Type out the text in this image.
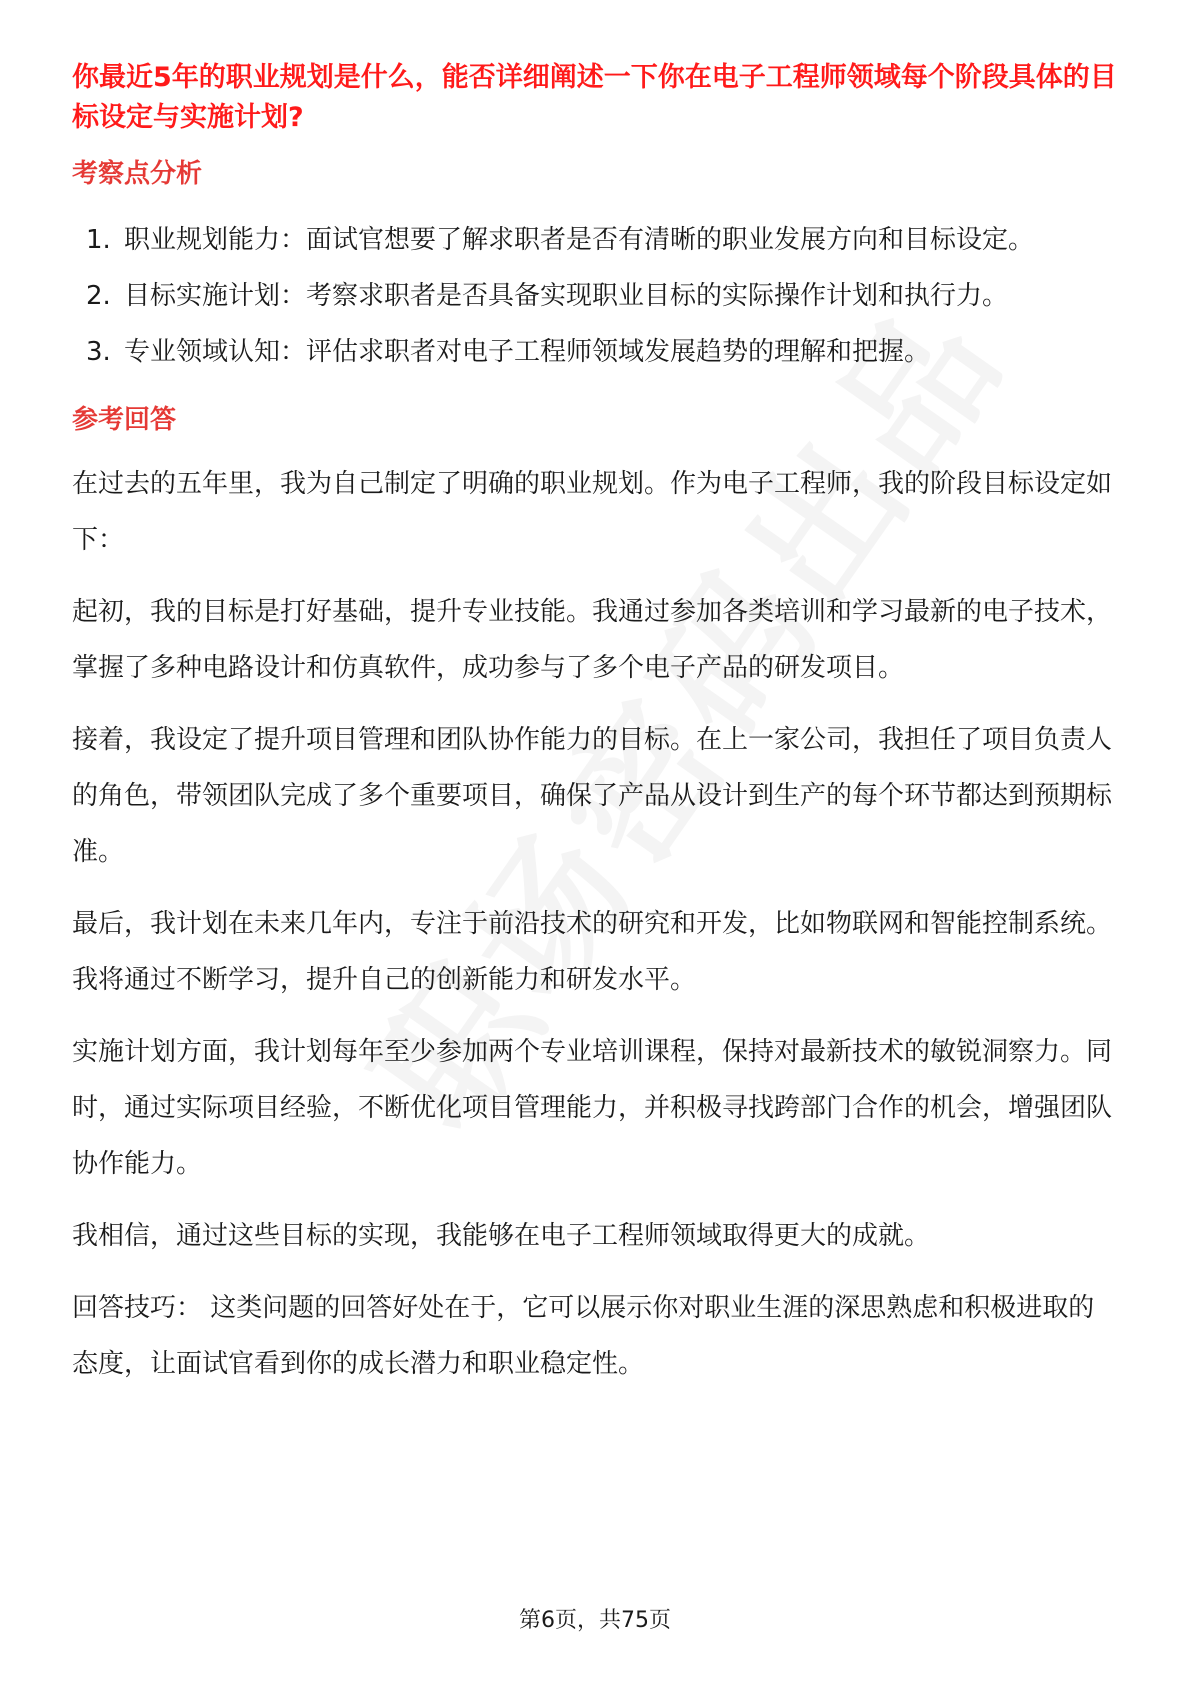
你最近5年的职业规划是什么，能否详细阐述一下你在电子工程师领域每个阶段具体的目标设定与实施计划?
考察点分析
1. 职业规划能力：面试官想要了解求职者是否有清晰的职业发展方向和目标设定。
2. 目标实施计划：考察求职者是否具备实现职业目标的实际操作计划和执行力。
3. 专业领域认知：评估求职者对电子工程师领域发展趋势的理解和把握。
参考回答

在过去的五年里，我为自己制定了明确的职业规划。作为电子工程师，我的阶段目标设定如下：

起初，我的目标是打好基础，提升专业技能。我通过参加各类培训和学习最新的电子技术，掌握了多种电路设计和仿真软件，成功参与了多个电子产品的研发项目。

接着，我设定了提升项目管理和团队协作能力的目标。在上一家公司，我担任了项目负责人的角色，带领团队完成了多个重要项目，确保了产品从设计到生产的每个环节都达到预期标准。

最后，我计划在未来几年内，专注于前沿技术的研究和开发，比如物联网和智能控制系统。我将通过不断学习，提升自己的创新能力和研发水平。

实施计划方面，我计划每年至少参加两个专业培训课程，保持对最新技术的敏锐洞察力。同时，通过实际项目经验，不断优化项目管理能力，并积极寻找跨部门合作的机会，增强团队协作能力。

我相信，通过这些目标的实现，我能够在电子工程师领域取得更大的成就。

回答技巧： 这类问题的回答好处在于，它可以展示你对职业生涯的深思熟虑和积极进取的态度，让面试官看到你的成长潜力和职业稳定性。

第6页，共75页
